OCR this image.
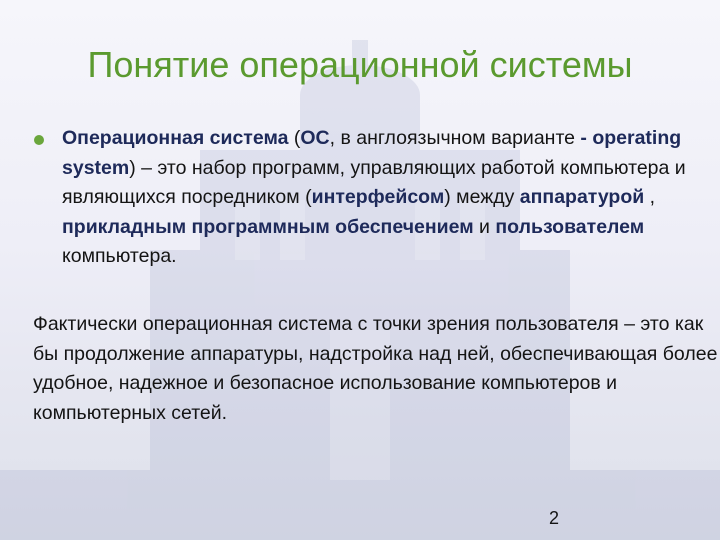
Понятие операционной системы
Операционная система (ОС, в англоязычном варианте - operating system) – это набор программ, управляющих работой компьютера и являющихся посредником (интерфейсом) между аппаратурой , прикладным программным обеспечением и пользователем компьютера.
Фактически операционная система с точки зрения пользователя – это как бы продолжение аппаратуры, надстройка над ней, обеспечивающая более удобное, надежное и безопасное использование компьютеров и компьютерных сетей.
2
